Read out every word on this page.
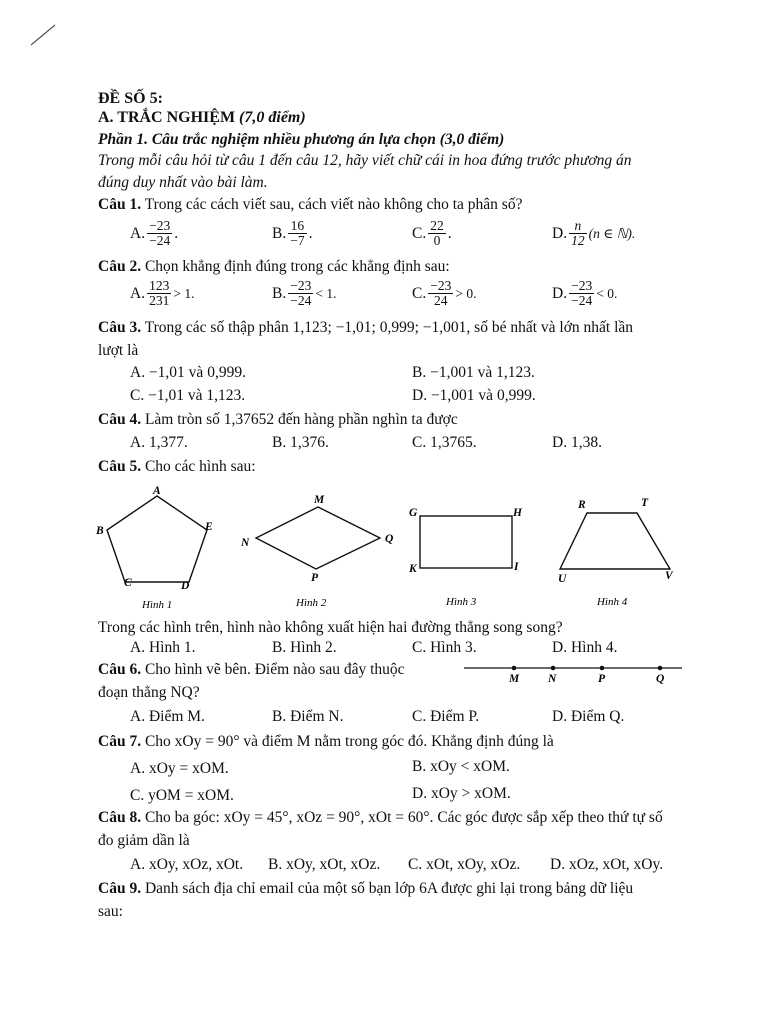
ĐỀ SỐ 5:
A. TRẮC NGHIỆM (7,0 điểm)
Phần 1. Câu trắc nghiệm nhiều phương án lựa chọn (3,0 điểm)
Trong mỗi câu hỏi từ câu 1 đến câu 12, hãy viết chữ cái in hoa đứng trước phương án
đúng duy nhất vào bài làm.
Câu 1. Trong các cách viết sau, cách viết nào không cho ta phân số?
A. $\frac{-23}{-24}$ .	B. $\frac{16}{-7}$ .	C. $\frac{22}{0}$ .	D. $\frac{n}{12} (n$ ∈ ℕ).
Câu 2. Chọn khẳng định đúng trong các khẳng định sau:
A. $\frac{123}{231} > 1$.	B. $\frac{-23}{-24} < 1$.	C. $\frac{-23}{24} > 0$.	D. $\frac{-23}{-24} < 0$.
Câu 3. Trong các số thập phân 1,123; −1,01; 0,999; −1,001, số bé nhất và lớn nhất lần
lượt là
A. −1,01 và 0,999.	B. −1,001 và 1,123.
C. −1,01 và 1,123.	D. −1,001 và 0,999.
Câu 4. Làm tròn số 1,37652 đến hàng phần nghìn ta được
A. 1,377.	B. 1,376.	C. 1,3765.	D. 1,38.
Câu 5. Cho các hình sau:
A
B	E
C	D
Hình 1
M
N	Q
P
Hình 2
G	H
K	I
Hình 3
R	T
U	V
Hình 4
Trong các hình trên, hình nào không xuất hiện hai đường thẳng song song?
A. Hình 1.	B. Hình 2.	C. Hình 3.	D. Hình 4.
Câu 6. Cho hình vẽ bên. Điểm nào sau đây thuộc
đoạn thẳng NQ?
M	N	P	Q
A. Điểm M.	B. Điểm N.	C. Điểm P.	D. Điểm Q.
Câu 7. Cho xOy = 90° và điểm M nằm trong góc đó. Khẳng định đúng là
A. xOy = xOM.	B. xOy < xOM.
C. yOM = xOM.	D. xOy > xOM.
Câu 8. Cho ba góc: xOy = 45°, xOz = 90°, xOt = 60°. Các góc được sắp xếp theo thứ tự số
đo giảm dần là
A. xOy, xOz, xOt. B. xOy, xOt, xOz. C. xOt, xOy, xOz. D. xOz, xOt, xOy.
Câu 9. Danh sách địa chỉ email của một số bạn lớp 6A được ghi lại trong bảng dữ liệu
sau:
